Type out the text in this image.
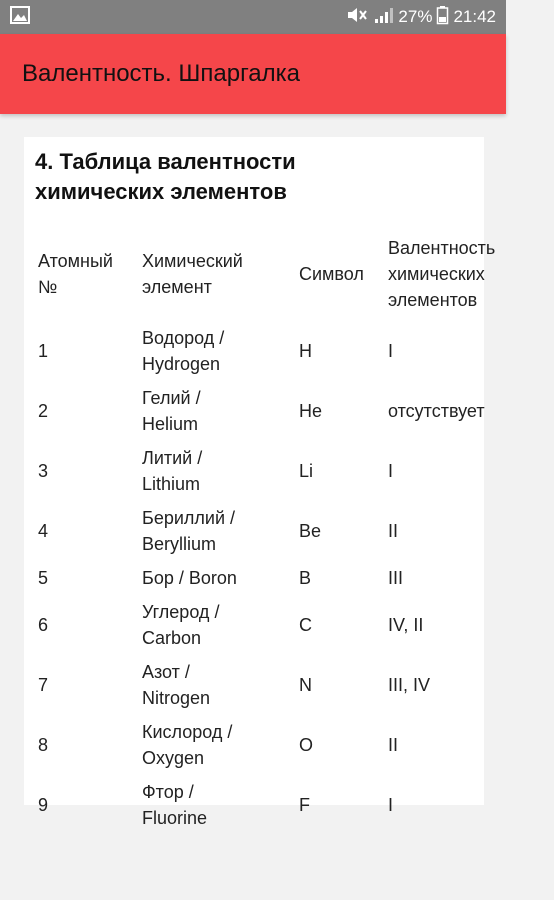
27% 21:42
Валентность. Шпаргалка
4. Таблица валентности
химических элементов
Атомный
№	Химический
элемент	Символ	Валентность
химических
элементов
1	Водород /
Hydrogen	H	I
2	Гелий /
Helium	He	отсутствует
3	Литий /
Lithium	Li	I
4	Бериллий /
Beryllium	Be	II
5	Бор / Boron	B	III
6	Углерод /
Carbon	C	IV, II
7	Азот /
Nitrogen	N	III, IV
8	Кислород /
Oxygen	O	II
9	Фтор /
Fluorine	F	I
